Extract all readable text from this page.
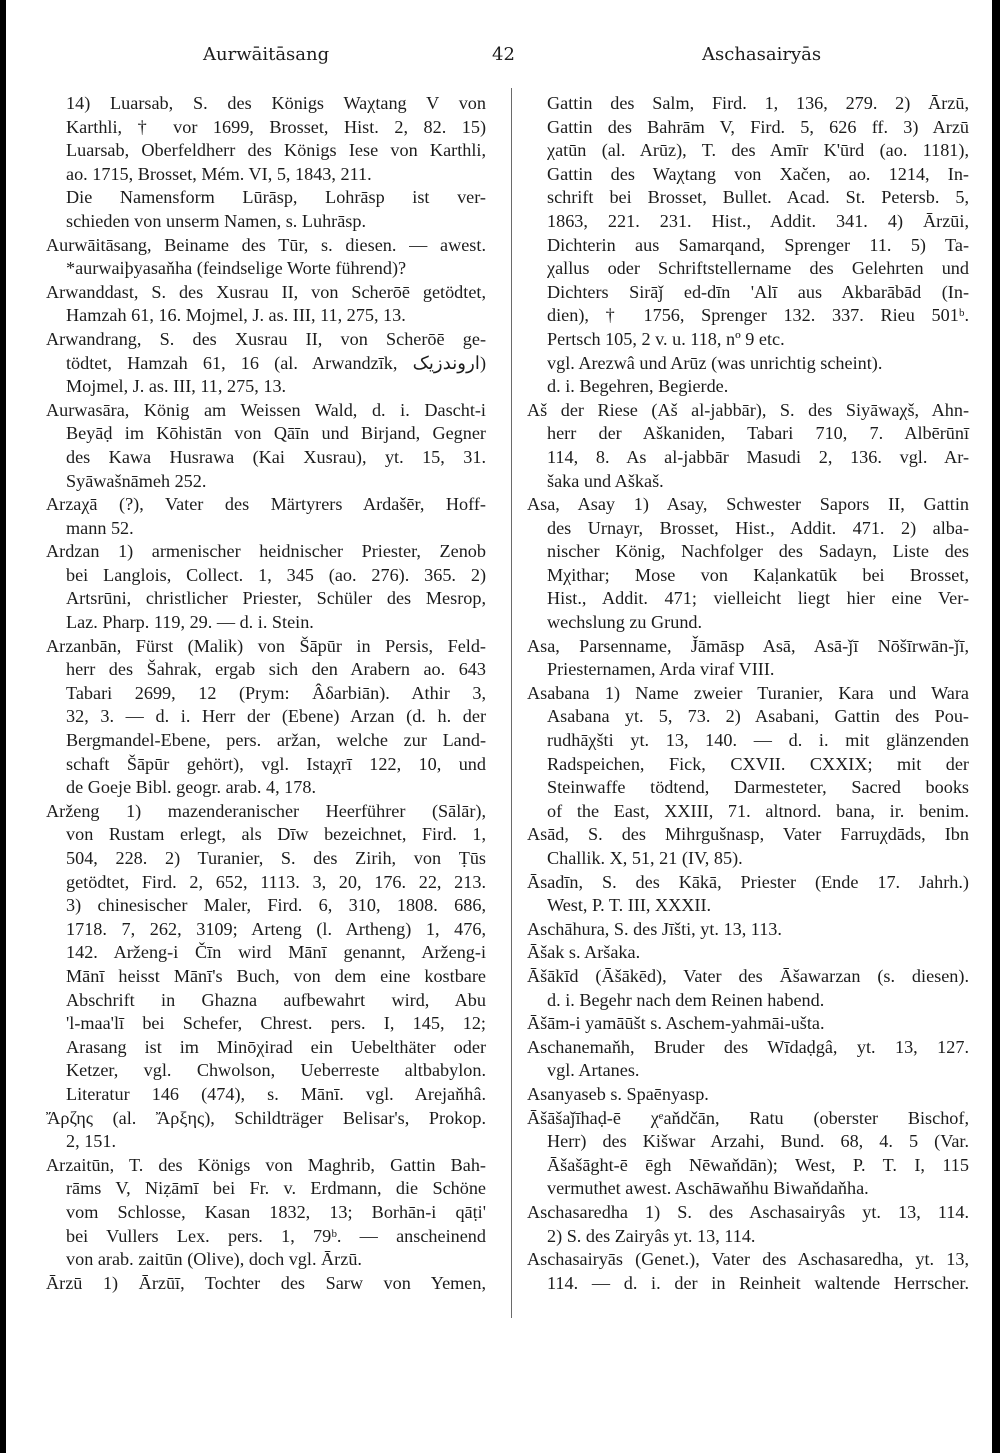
Aurwāitāsang	42	Aschasairyās
14) Luarsab, S. des Königs Waχtang V von
Karthli, † vor 1699, Brosset, Hist. 2, 82. 15)
Luarsab, Oberfeldherr des Königs Iese von Karthli,
ao. 1715, Brosset, Mém. VI, 5, 1843, 211.
Die Namensform Lūrāsp, Lohrāsp ist ver-
schieden von unserm Namen, s. Luhrāsp.
Aurwāitāsang, Beiname des Tūr, s. diesen. — awest.
*aurwaiþyasaňha (feindselige Worte führend)?
Arwanddast, S. des Xusrau II, von Scherōē getödtet,
Hamzah 61, 16. Mojmel, J. as. III, 11, 275, 13.
Arwandrang, S. des Xusrau II, von Scherōē ge-
tödtet, Hamzah 61, 16 (al. Arwandzīk, اروندزیک)
Mojmel, J. as. III, 11, 275, 13.
Aurwasāra, König am Weissen Wald, d. i. Dascht-i
Beyāḍ im Kōhistān von Qāīn und Birjand, Gegner
des Kawa Husrawa (Kai Xusrau), yt. 15, 31.
Syāwašnāmeh 252.
Arzaχā (?), Vater des Märtyrers Ardašēr, Hoff-
mann 52.
Ardzan 1) armenischer heidnischer Priester, Zenob
bei Langlois, Collect. 1, 345 (ao. 276). 365. 2)
Artsrūni, christlicher Priester, Schüler des Mesrop,
Laz. Pharp. 119, 29. — d. i. Stein.
Arzanbān, Fürst (Malik) von Šāpūr in Persis, Feld-
herr des Šahrak, ergab sich den Arabern ao. 643
Tabari 2699, 12 (Prym: Âδarbiān). Athir 3,
32, 3. — d. i. Herr der (Ebene) Arzan (d. h. der
Bergmandel-Ebene, pers. aržan, welche zur Land-
schaft Šāpūr gehört), vgl. Istaχrī 122, 10, und
de Goeje Bibl. geogr. arab. 4, 178.
Arženg 1) mazenderanischer Heerführer (Sālār),
von Rustam erlegt, als Dīw bezeichnet, Fird. 1,
504, 228. 2) Turanier, S. des Zirih, von Ṭūs
getödtet, Fird. 2, 652, 1113. 3, 20, 176. 22, 213.
3) chinesischer Maler, Fird. 6, 310, 1808. 686,
1718. 7, 262, 3109; Arteng (l. Artheng) 1, 476,
142. Arženg-i Čīn wird Mānī genannt, Arženg-i
Mānī heisst Mānī's Buch, von dem eine kostbare
Abschrift in Ghazna aufbewahrt wird, Abu
'l-maa'lī bei Schefer, Chrest. pers. I, 145, 12;
Arasang ist im Minōχirad ein Uebelthäter oder
Ketzer, vgl. Chwolson, Ueberreste altbabylon.
Literatur 146 (474), s. Mānī. vgl. Arejaňhâ.
Ἄρζης (al. Ἄρξης), Schildträger Belisar's, Prokop.
2, 151.
Arzaitūn, T. des Königs von Maghrib, Gattin Bah-
rāms V, Niẓāmī bei Fr. v. Erdmann, die Schöne
vom Schlosse, Kasan 1832, 13; Borhān-i qāṭi'
bei Vullers Lex. pers. 1, 79ᵇ. — anscheinend
von arab. zaitūn (Olive), doch vgl. Ārzū.
Ārzū 1) Ārzūī, Tochter des Sarw von Yemen,
Gattin des Salm, Fird. 1, 136, 279. 2) Ārzū,
Gattin des Bahrām V, Fird. 5, 626 ff. 3) Arzū
χatūn (al. Arūz), T. des Amīr K'ūrd (ao. 1181),
Gattin des Waχtang von Xačen, ao. 1214, In-
schrift bei Brosset, Bullet. Acad. St. Petersb. 5,
1863, 221. 231. Hist., Addit. 341. 4) Ārzūi,
Dichterin aus Samarqand, Sprenger 11. 5) Ta-
χallus oder Schriftstellername des Gelehrten und
Dichters Sirāǰ ed-dīn 'Alī aus Akbarābād (In-
dien), † 1756, Sprenger 132. 337. Rieu 501ᵇ.
Pertsch 105, 2 v. u. 118, nº 9 etc.
vgl. Arezwâ und Arūz (was unrichtig scheint).
d. i. Begehren, Begierde.
Aš der Riese (Aš al-jabbār), S. des Siyāwaχš, Ahn-
herr der Aškaniden, Tabari 710, 7. Albērūnī
114, 8. As al-jabbār Masudi 2, 136. vgl. Ar-
šaka und Aškaš.
Asa, Asay 1) Asay, Schwester Sapors II, Gattin
des Urnayr, Brosset, Hist., Addit. 471. 2) alba-
nischer König, Nachfolger des Sadayn, Liste des
Mχithar; Mose von Kaḷankatūk bei Brosset,
Hist., Addit. 471; vielleicht liegt hier eine Ver-
wechslung zu Grund.
Asa, Parsenname, J̌āmāsp Asā, Asā-ǰī Nōšīrwān-ǰī,
Priesternamen, Arda viraf VIII.
Asabana 1) Name zweier Turanier, Kara und Wara
Asabana yt. 5, 73. 2) Asabani, Gattin des Pou-
rudhāχšti yt. 13, 140. — d. i. mit glänzenden
Radspeichen, Fick, CXVII. CXXIX; mit der
Steinwaffe tödtend, Darmesteter, Sacred books
of the East, XXIII, 71. altnord. bana, ir. benim.
Asād, S. des Mihrgušnasp, Vater Farruχdāds, Ibn
Challik. X, 51, 21 (IV, 85).
Āsadīn, S. des Kākā, Priester (Ende 17. Jahrh.)
West, P. T. III, XXXII.
Aschāhura, S. des Jīšti, yt. 13, 113.
Āšak s. Aršaka.
Āšākīd (Āšākēd), Vater des Āšawarzan (s. diesen).
d. i. Begehr nach dem Reinen habend.
Āšām-i yamāūšt s. Aschem-yahmāi-ušta.
Aschanemaňh, Bruder des Wīdaḍgâ, yt. 13, 127.
vgl. Artanes.
Asanyaseb s. Spaēnyasp.
Āšāšaǰīhaḍ-ē χᵉaňdčān, Ratu (oberster Bischof,
Herr) des Kišwar Arzahi, Bund. 68, 4. 5 (Var.
Āšašāght-ē ēgh Nēwaňdān); West, P. T. I, 115
vermuthet awest. Aschāwaňhu Biwaňdaňha.
Aschasaredha 1) S. des Aschasairyâs yt. 13, 114.
2) S. des Zairyâs yt. 13, 114.
Aschasairyās (Genet.), Vater des Aschasaredha, yt. 13,
114. — d. i. der in Reinheit waltende Herrscher.
